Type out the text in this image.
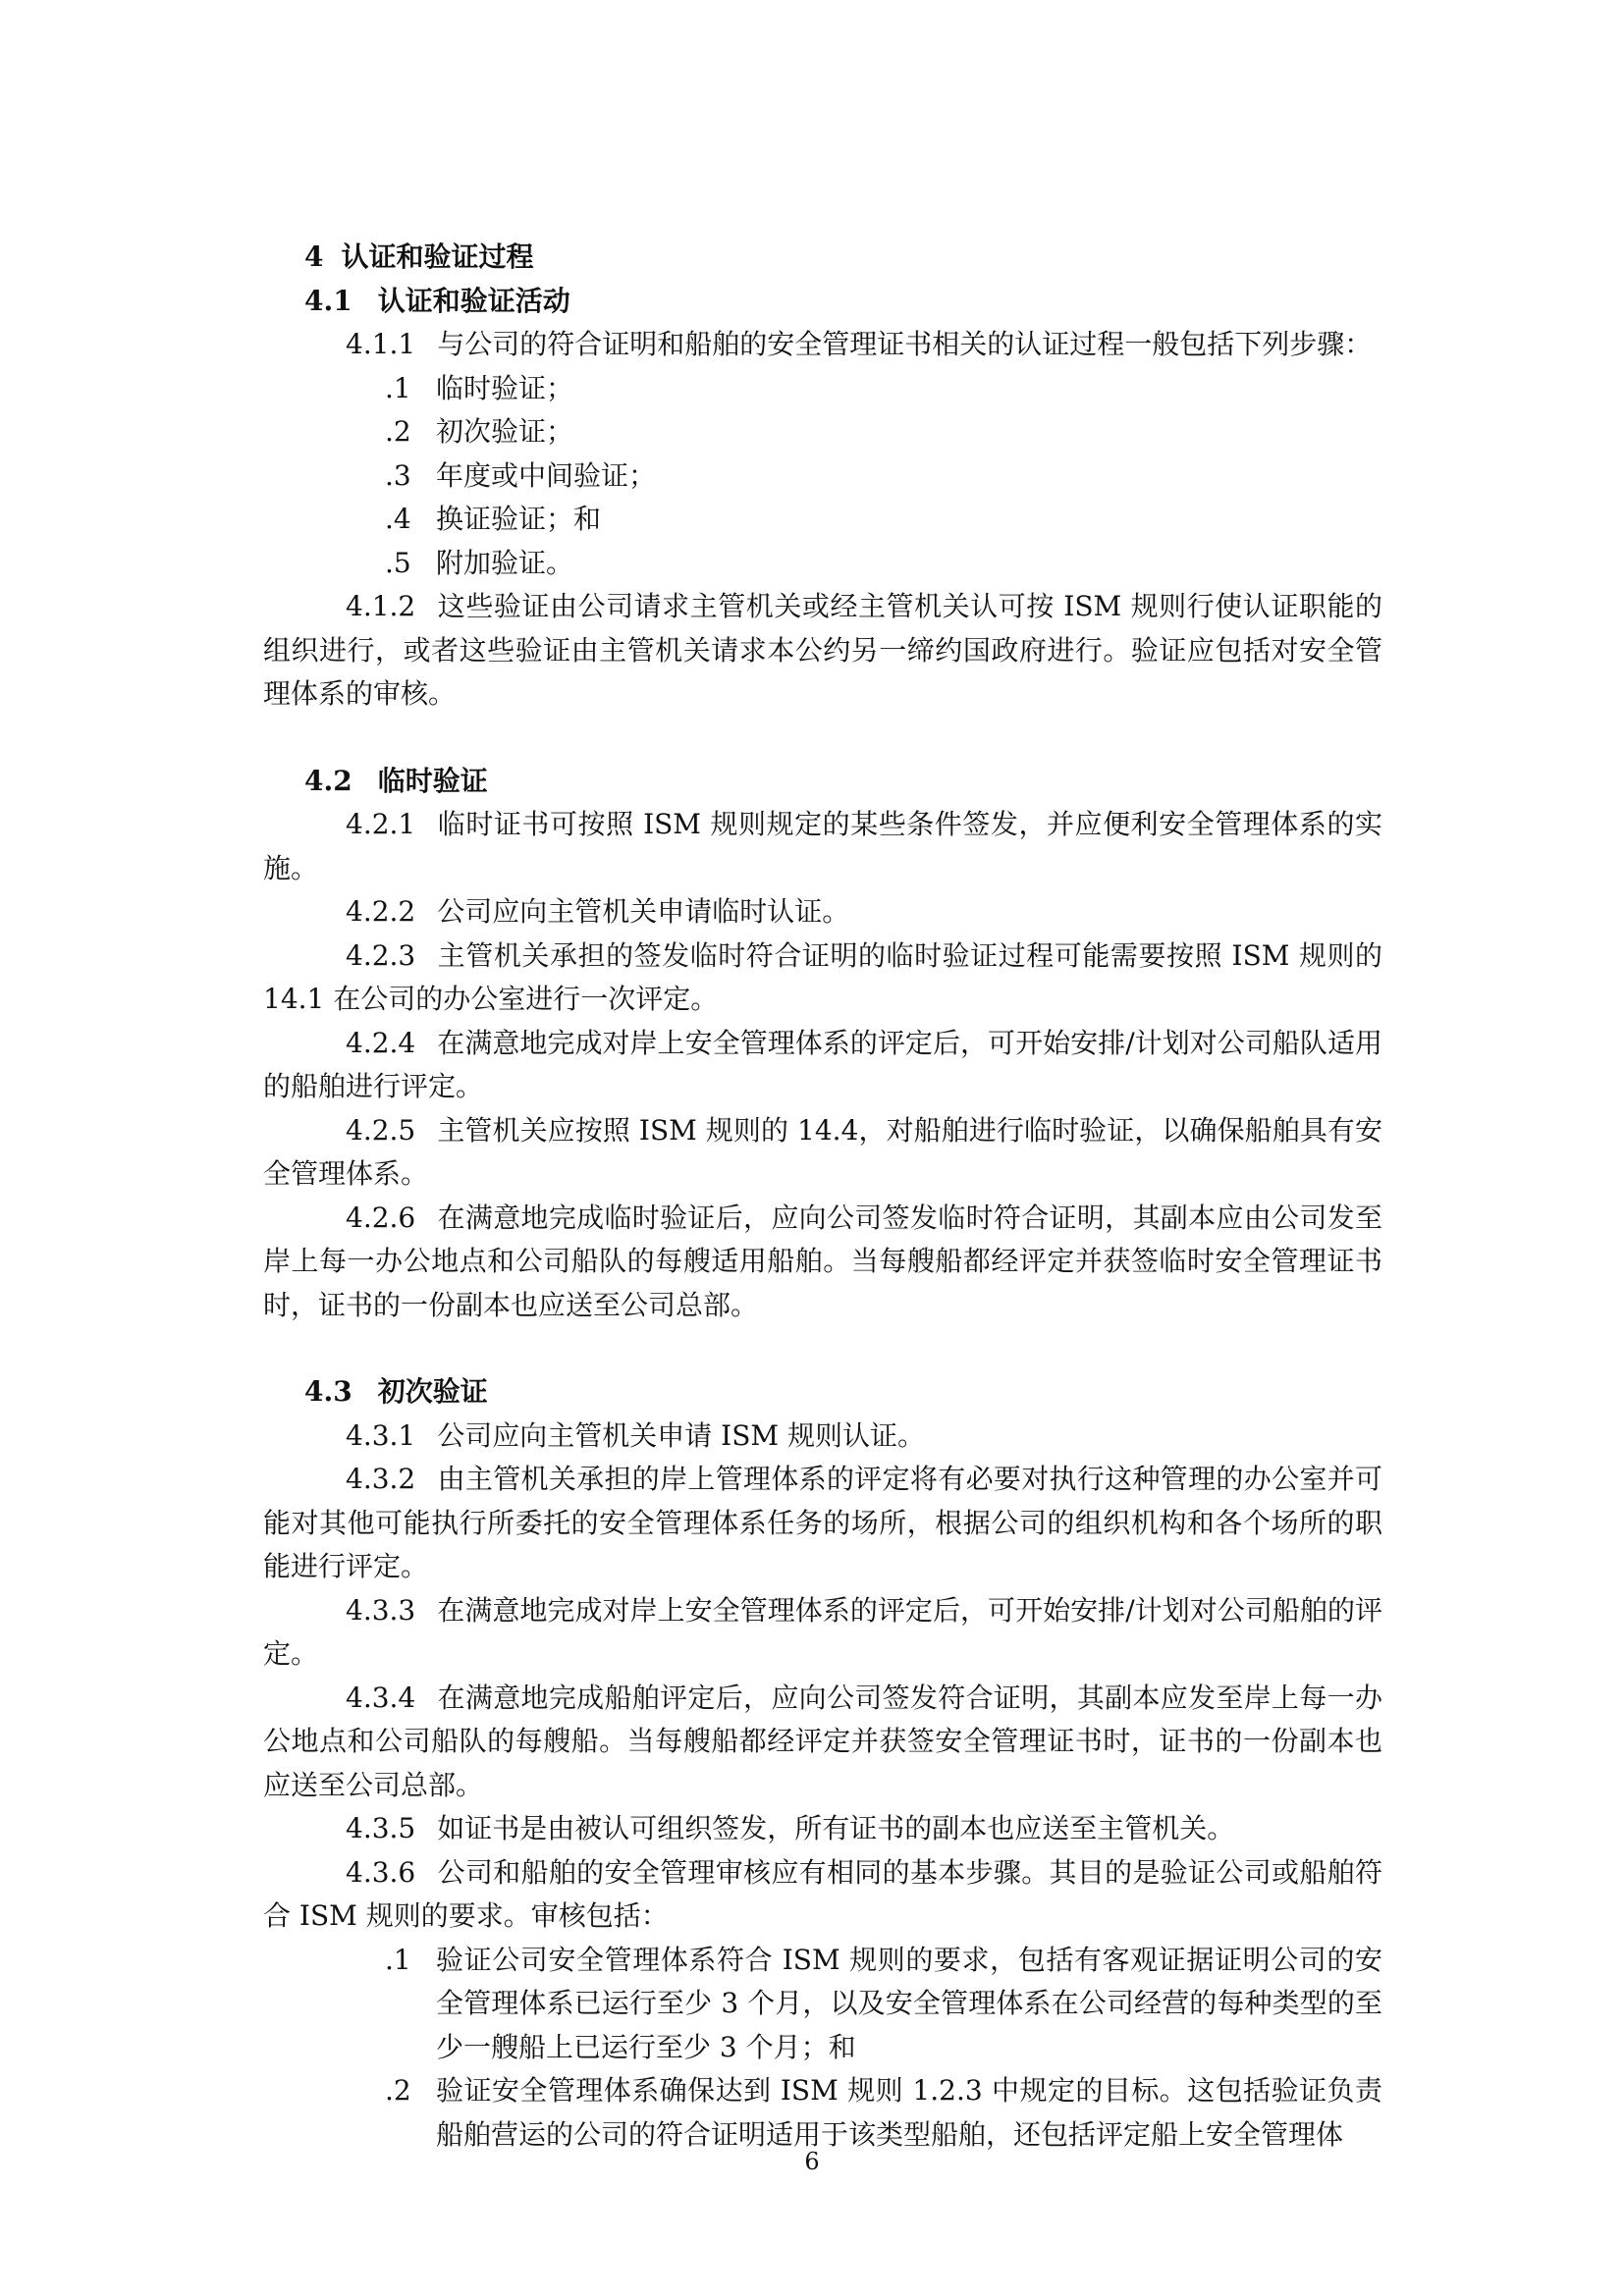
4 认证和验证过程
4.1 认证和验证活动

4.1.1 与公司的符合证明和船舶的安全管理证书相关的认证过程一般包括下列步骤：

.1 临时验证；
.2 初次验证；
.3 年度或中间验证；
.4 换证验证；和
.5 附加验证。

4.1.2 这些验证由公司请求主管机关或经主管机关认可按 ISM 规则行使认证职能的组织进行，或者这些验证由主管机关请求本公约另一缔约国政府进行。验证应包括对安全管理体系的审核。

4.2 临时验证

4.2.1 临时证书可按照 ISM 规则规定的某些条件签发，并应便利安全管理体系的实施。

4.2.2 公司应向主管机关申请临时认证。

4.2.3 主管机关承担的签发临时符合证明的临时验证过程可能需要按照 ISM 规则的 14.1 在公司的办公室进行一次评定。

4.2.4 在满意地完成对岸上安全管理体系的评定后，可开始安排/计划对公司船队适用的船舶进行评定。

4.2.5 主管机关应按照 ISM 规则的 14.4，对船舶进行临时验证，以确保船舶具有安全管理体系。

4.2.6 在满意地完成临时验证后，应向公司签发临时符合证明，其副本应由公司发至岸上每一办公地点和公司船队的每艘适用船舶。当每艘船都经评定并获签临时安全管理证书时，证书的一份副本也应送至公司总部。

4.3 初次验证

4.3.1 公司应向主管机关申请 ISM 规则认证。

4.3.2 由主管机关承担的岸上管理体系的评定将有必要对执行这种管理的办公室并可能对其他可能执行所委托的安全管理体系任务的场所，根据公司的组织机构和各个场所的职能进行评定。

4.3.3 在满意地完成对岸上安全管理体系的评定后，可开始安排/计划对公司船舶的评定。

4.3.4 在满意地完成船舶评定后，应向公司签发符合证明，其副本应发至岸上每一办公地点和公司船队的每艘船。当每艘船都经评定并获签安全管理证书时，证书的一份副本也应送至公司总部。

4.3.5 如证书是由被认可组织签发，所有证书的副本也应送至主管机关。

4.3.6 公司和船舶的安全管理审核应有相同的基本步骤。其目的是验证公司或船舶符合 ISM 规则的要求。审核包括：

.1 验证公司安全管理体系符合 ISM 规则的要求，包括有客观证据证明公司的安全管理体系已运行至少 3 个月，以及安全管理体系在公司经营的每种类型的至少一艘船上已运行至少 3 个月；和
.2 验证安全管理体系确保达到 ISM 规则 1.2.3 中规定的目标。这包括验证负责船舶营运的公司的符合证明适用于该类型船舶，还包括评定船上安全管理体
6
